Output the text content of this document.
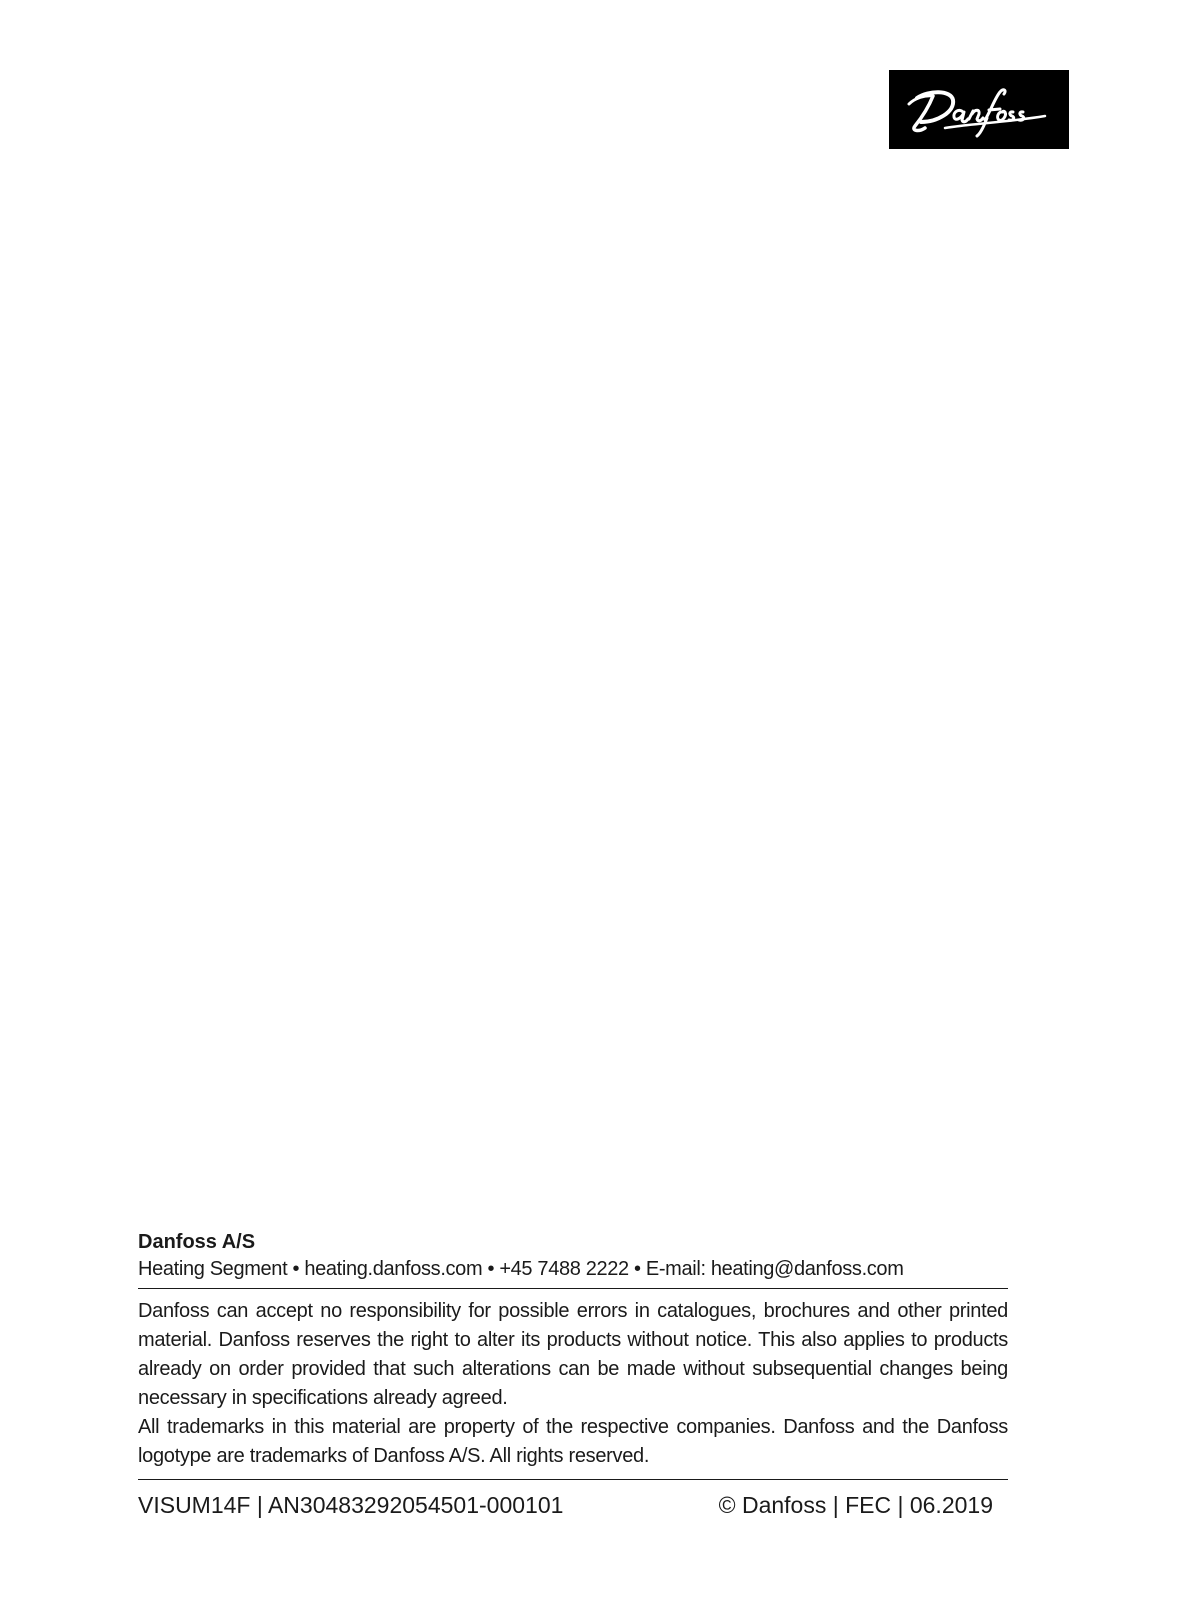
Danfoss A/S
Heating Segment • heating.danfoss.com • +45 7488 2222 • E-mail: heating@danfoss.com

Danfoss can accept no responsibility for possible errors in catalogues, brochures and other printed material. Danfoss reserves the right to alter its products without notice. This also applies to products already on order provided that such alterations can be made without subsequential changes being necessary in specifications already agreed.

All trademarks in this material are property of the respective companies. Danfoss and the Danfoss logotype are trademarks of Danfoss A/S. All rights reserved.

VISUM14F | AN30483292054501-000101	© Danfoss | FEC | 06.2019
